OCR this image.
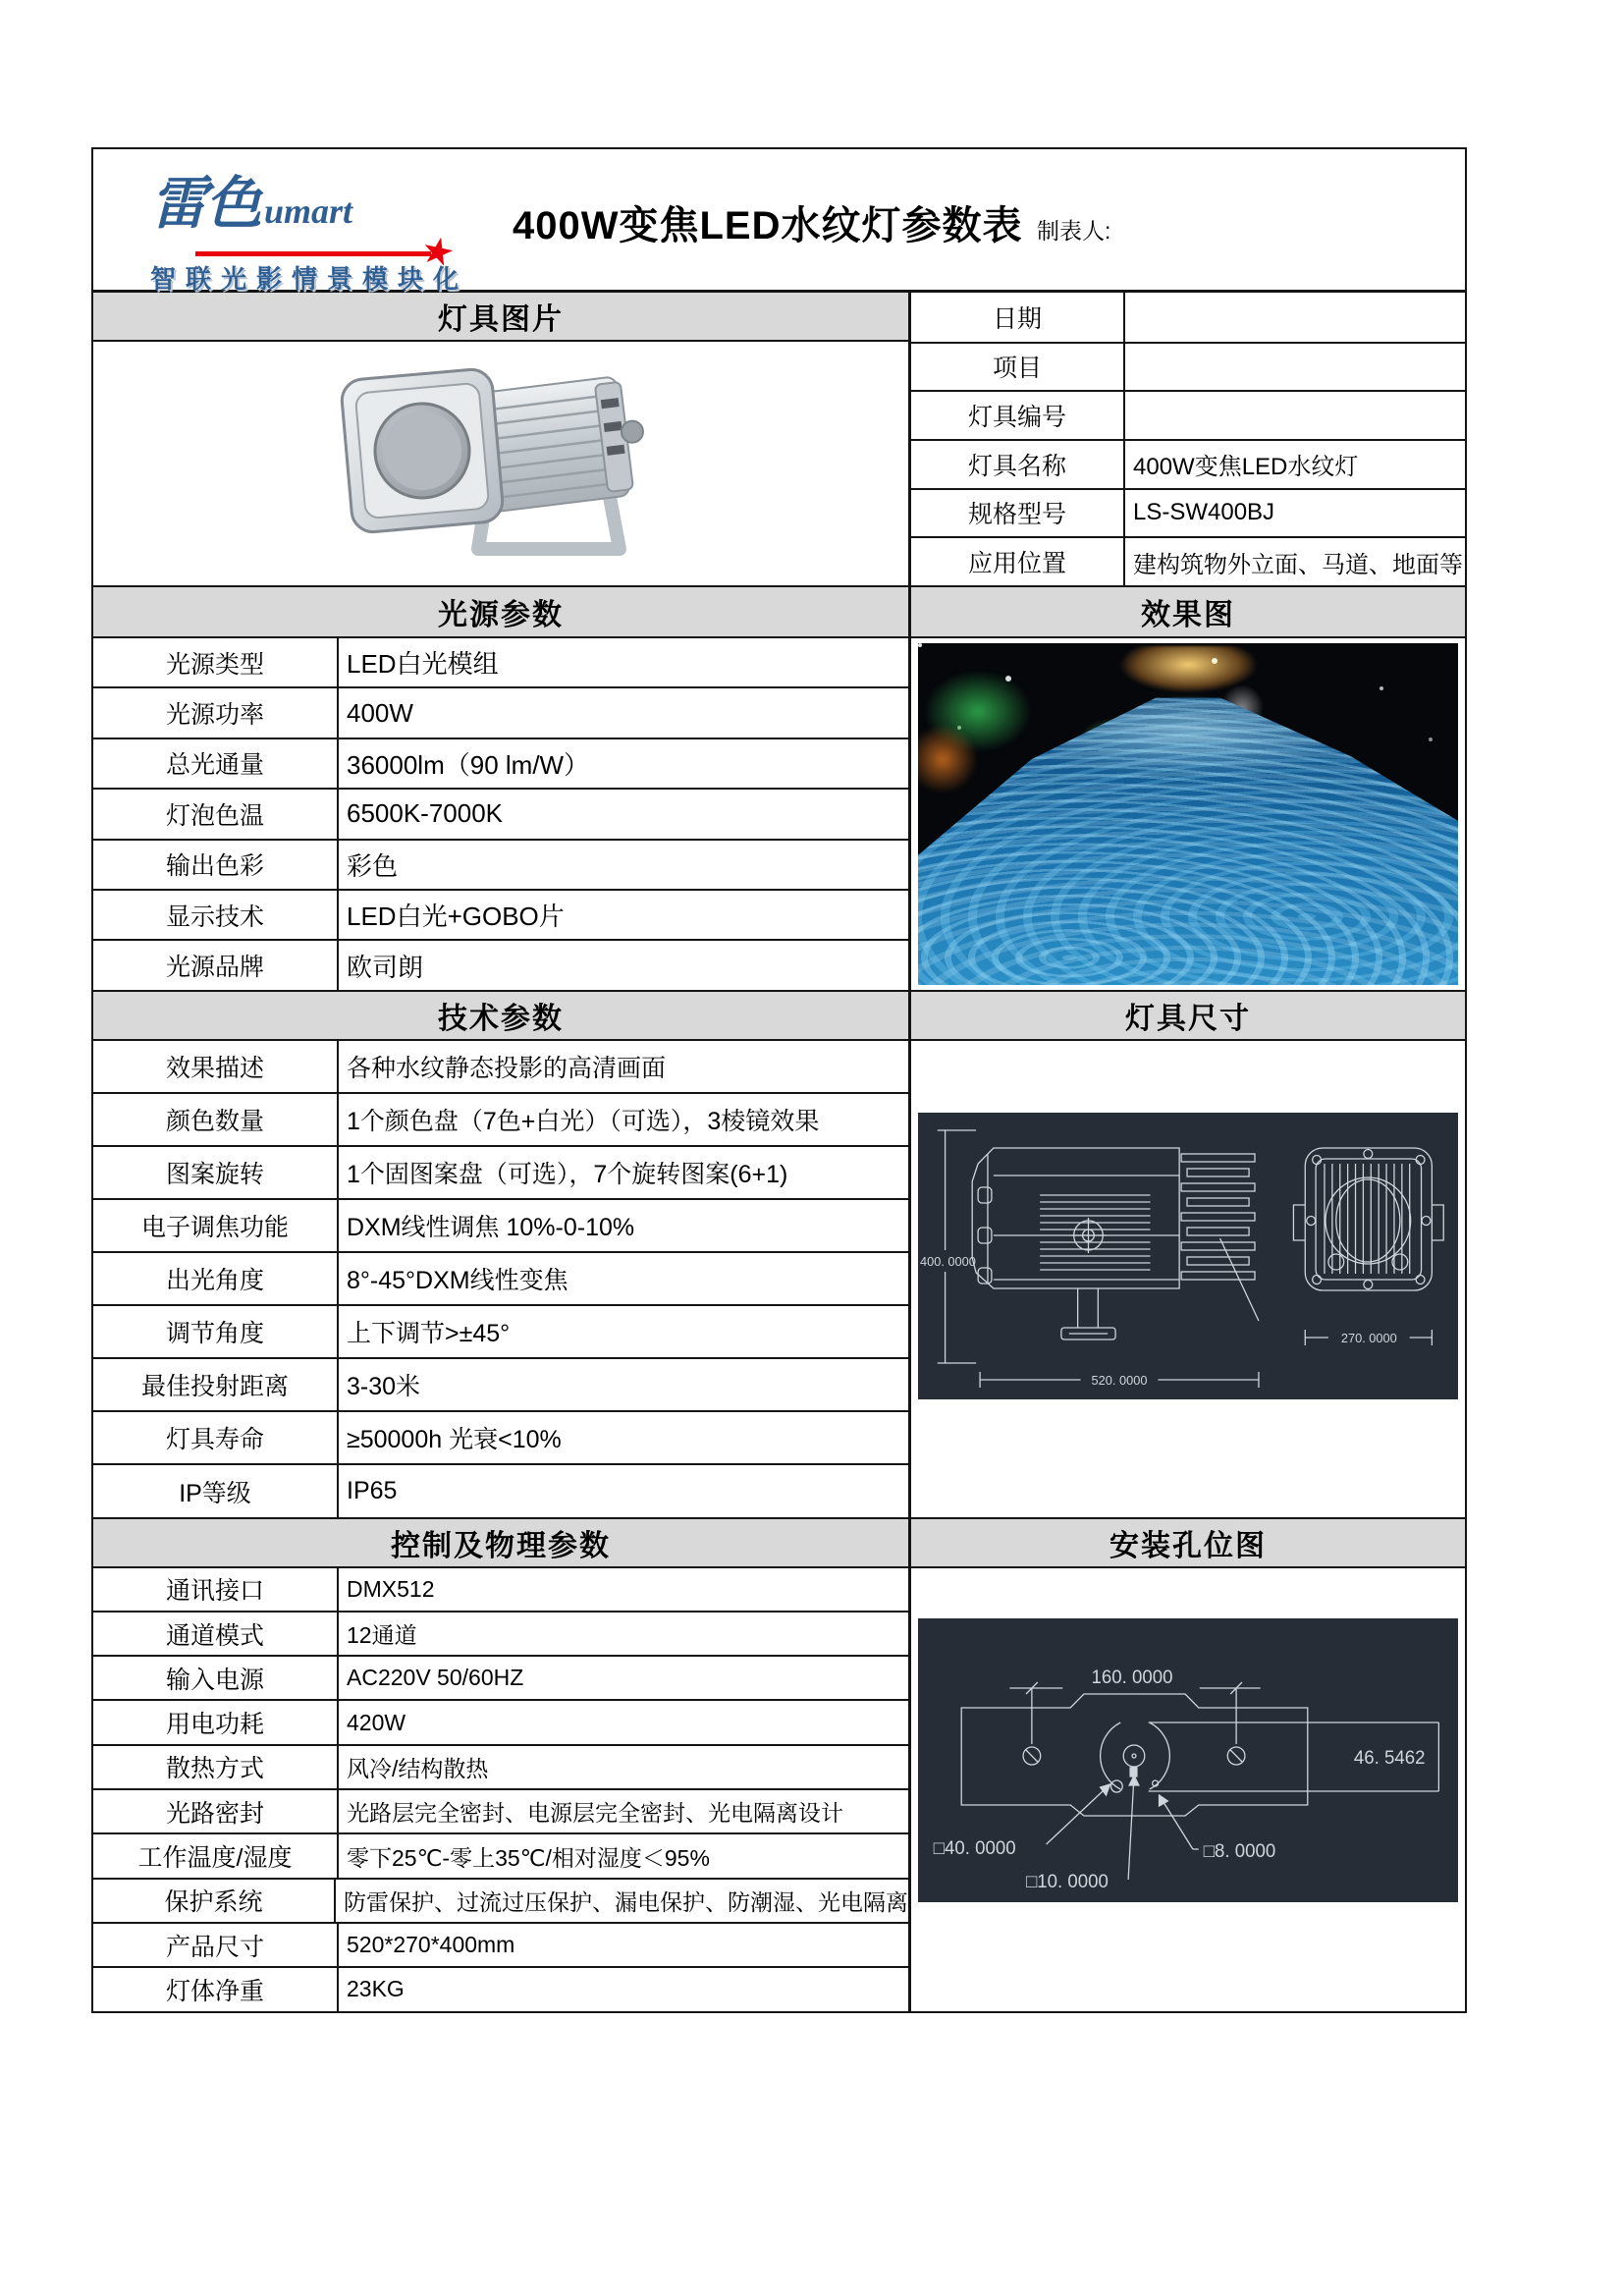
雷色 umart
★
智联光影情景模块化
400W变焦LED水纹灯参数表 制表人:
灯具图片
光源参数
光源类型	LED白光模组
光源功率	400W
总光通量	36000lm（90 lm/W）
灯泡色温	6500K-7000K
输出色彩	彩色
显示技术	LED白光+GOBO片
光源品牌	欧司朗
技术参数
效果描述	各种水纹静态投影的高清画面
颜色数量	1个颜色盘（7色+白光）（可选），3棱镜效果
图案旋转	1个固图案盘（可选），7个旋转图案(6+1)
电子调焦功能	DXM线性调焦 10%-0-10%
出光角度	8°-45°DXM线性变焦
调节角度	上下调节>±45°
最佳投射距离	3-30米
灯具寿命	≥50000h 光衰<10%
IP等级	IP65
控制及物理参数
通讯接口	DMX512
通道模式	12通道
输入电源	AC220V 50/60HZ
用电功耗	420W
散热方式	风冷/结构散热
光路密封	光路层完全密封、电源层完全密封、光电隔离设计
工作温度/湿度	零下25℃-零上35℃/相对湿度＜95%
保护系统	防雷保护、过流过压保护、漏电保护、防潮湿、光电隔离
产品尺寸	520*270*400mm
灯体净重	23KG
日期
项目
灯具编号
灯具名称	400W变焦LED水纹灯
规格型号	LS-SW400BJ
应用位置	建构筑物外立面、马道、地面等
效果图
灯具尺寸
400. 0000
520. 0000
270. 0000
安装孔位图
160. 0000
46. 5462
□40. 0000	□8. 0000
□10. 0000
